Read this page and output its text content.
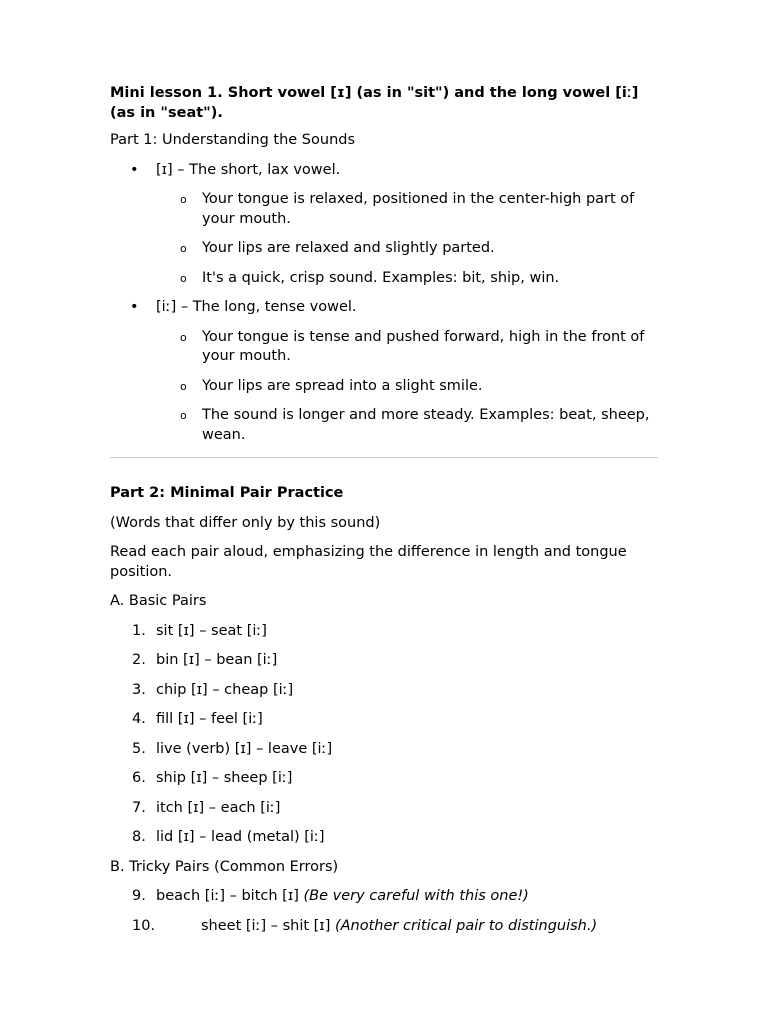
Mini lesson 1. Short vowel [ɪ] (as in "sit") and the long vowel [iː] (as in "seat").

Part 1: Understanding the Sounds

• [ɪ] – The short, lax vowel.
o Your tongue is relaxed, positioned in the center-high part of your mouth.
o Your lips are relaxed and slightly parted.
o It's a quick, crisp sound. Examples: bit, ship, win.
• [iː] – The long, tense vowel.
o Your tongue is tense and pushed forward, high in the front of your mouth.
o Your lips are spread into a slight smile.
o The sound is longer and more steady. Examples: beat, sheep, wean.

Part 2: Minimal Pair Practice

(Words that differ only by this sound)

Read each pair aloud, emphasizing the difference in length and tongue position.

A. Basic Pairs

1. sit [ɪ] – seat [iː]
2. bin [ɪ] – bean [iː]
3. chip [ɪ] – cheap [iː]
4. fill [ɪ] – feel [iː]
5. live (verb) [ɪ] – leave [iː]
6. ship [ɪ] – sheep [iː]
7. itch [ɪ] – each [iː]
8. lid [ɪ] – lead (metal) [iː]

B. Tricky Pairs (Common Errors)

9. beach [iː] – bitch [ɪ] (Be very careful with this one!)
10.	sheet [iː] – shit [ɪ] (Another critical pair to distinguish.)
